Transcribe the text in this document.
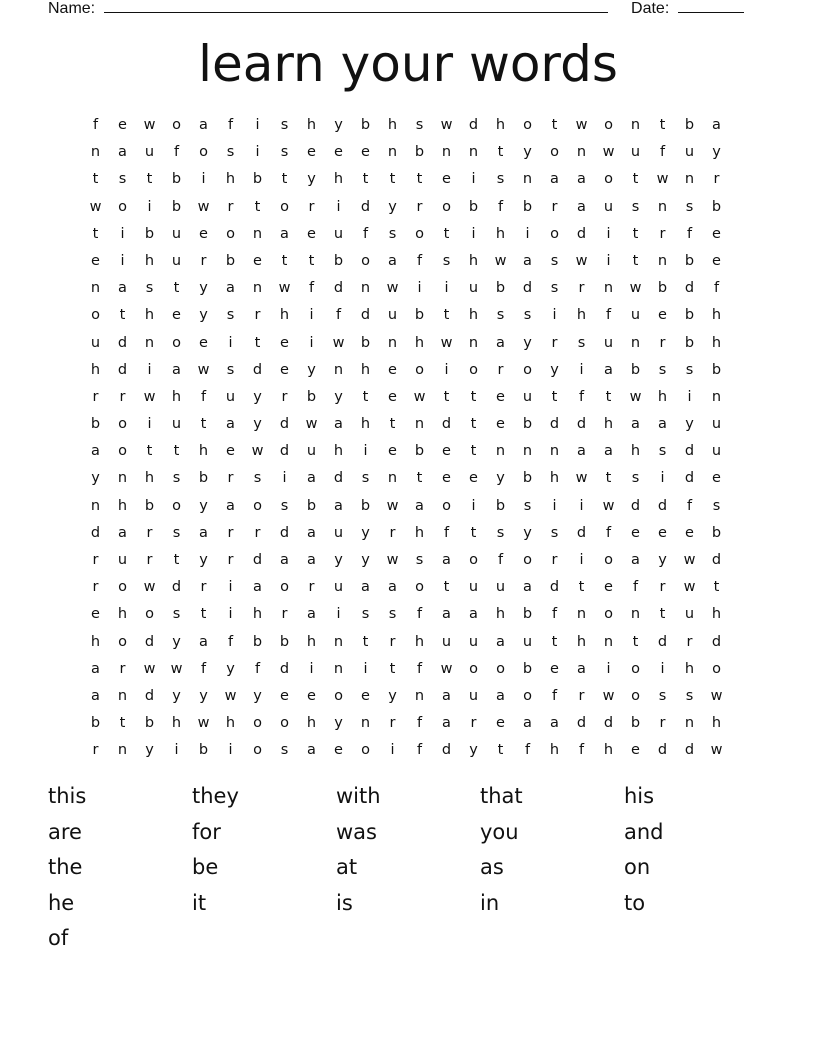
Name:	Date:
learn your words
f	e	w	o	a	f	i	s	h	y	b	h	s	w	d	h	o	t	w	o	n	t	b	a
n	a	u	f	o	s	i	s	e	e	e	n	b	n	n	t	y	o	n	w	u	f	u	y
t	s	t	b	i	h	b	t	y	h	t	t	t	e	i	s	n	a	a	o	t	w	n	r
w	o	i	b	w	r	t	o	r	i	d	y	r	o	b	f	b	r	a	u	s	n	s	b
t	i	b	u	e	o	n	a	e	u	f	s	o	t	i	h	i	o	d	i	t	r	f	e
e	i	h	u	r	b	e	t	t	b	o	a	f	s	h	w	a	s	w	i	t	n	b	e
n	a	s	t	y	a	n	w	f	d	n	w	i	i	u	b	d	s	r	n	w	b	d	f
o	t	h	e	y	s	r	h	i	f	d	u	b	t	h	s	s	i	h	f	u	e	b	h
u	d	n	o	e	i	t	e	i	w	b	n	h	w	n	a	y	r	s	u	n	r	b	h
h	d	i	a	w	s	d	e	y	n	h	e	o	i	o	r	o	y	i	a	b	s	s	b
r	r	w	h	f	u	y	r	b	y	t	e	w	t	t	e	u	t	f	t	w	h	i	n
b	o	i	u	t	a	y	d	w	a	h	t	n	d	t	e	b	d	d	h	a	a	y	u
a	o	t	t	h	e	w	d	u	h	i	e	b	e	t	n	n	n	a	a	h	s	d	u
y	n	h	s	b	r	s	i	a	d	s	n	t	e	e	y	b	h	w	t	s	i	d	e
n	h	b	o	y	a	o	s	b	a	b	w	a	o	i	b	s	i	i	w	d	d	f	s
d	a	r	s	a	r	r	d	a	u	y	r	h	f	t	s	y	s	d	f	e	e	e	b
r	u	r	t	y	r	d	a	a	y	y	w	s	a	o	f	o	r	i	o	a	y	w	d
r	o	w	d	r	i	a	o	r	u	a	a	o	t	u	u	a	d	t	e	f	r	w	t
e	h	o	s	t	i	h	r	a	i	s	s	f	a	a	h	b	f	n	o	n	t	u	h
h	o	d	y	a	f	b	b	h	n	t	r	h	u	u	a	u	t	h	n	t	d	r	d
a	r	w	w	f	y	f	d	i	n	i	t	f	w	o	o	b	e	a	i	o	i	h	o
a	n	d	y	y	w	y	e	e	o	e	y	n	a	u	a	o	f	r	w	o	s	s	w
b	t	b	h	w	h	o	o	h	y	n	r	f	a	r	e	a	a	d	d	b	r	n	h
r	n	y	i	b	i	o	s	a	e	o	i	f	d	y	t	f	h	f	h	e	d	d	w
this	they	with	that	his
are	for	was	you	and
the	be	at	as	on
he	it	is	in	to
of
